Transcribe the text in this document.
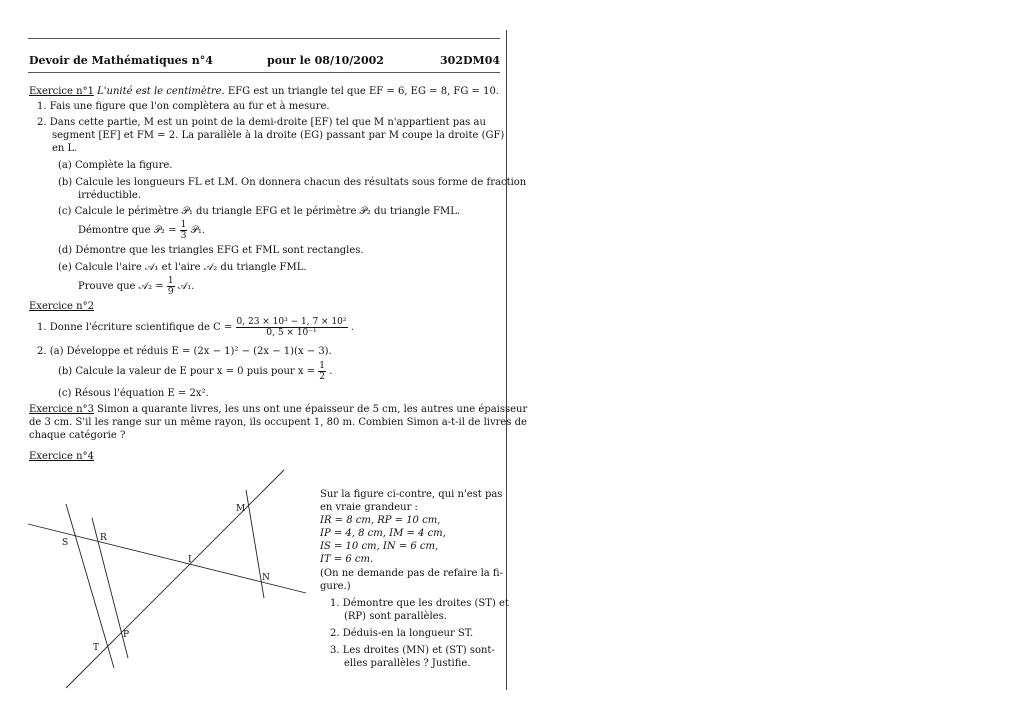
Devoir de Mathématiques n°4	pour le 08/10/2002	302DM04
Exercice n°1 L'unité est le centimètre. EFG est un triangle tel que EF = 6, EG = 8, FG = 10.
1. Fais une figure que l'on complètera au fur et à mesure.
2. Dans cette partie, M est un point de la demi-droite [EF) tel que M n'appartient pas au
segment [EF] et FM = 2. La parallèle à la droite (EG) passant par M coupe la droite (GF)
en L.
(a) Complète la figure.
(b) Calcule les longueurs FL et LM. On donnera chacun des résultats sous forme de fraction
irréductible.
(c) Calcule le périmètre 𝒫₁ du triangle EFG et le périmètre 𝒫₂ du triangle FML.
Démontre que 𝒫₂ = $\frac{1}{3}$ 𝒫₁.
(d) Démontre que les triangles EFG et FML sont rectangles.
(e) Calcule l'aire 𝒜₁ et l'aire 𝒜₂ du triangle FML.
Prouve que 𝒜₂ = $\frac{1}{9}$ 𝒜₁.
Exercice n°2
1. Donne l'écriture scientifique de $C = \frac{\text{0, 23 × 10³ − 1, 7 × 10²}}{\text{0, 5 × 10⁻¹}}$ .
2. (a) Développe et réduis E = (2x − 1)² − (2x − 1)(x − 3).
(b) Calcule la valeur de E pour x = 0 puis pour $x = \frac{1}{2}$ .
(c) Résous l'équation E = 2x².
Exercice n°3 Simon a quarante livres, les uns ont une épaisseur de 5 cm, les autres une épaisseur
de 3 cm. S'il les range sur un même rayon, ils occupent 1, 80 m. Combien Simon a-t-il de livres de
chaque catégorie ?
Exercice n°4
Sur la figure ci-contre, qui n'est pas
en vraie grandeur :
IR = 8 cm, RP = 10 cm,
IP = 4, 8 cm, IM = 4 cm,
IS = 10 cm, IN = 6 cm,
IT = 6 cm.
(On ne demande pas de refaire la fi-
gure.)
1. Démontre que les droites (ST) et
(RP) sont parallèles.
2. Déduis-en la longueur ST.
3. Les droites (MN) et (ST) sont-
elles parallèles ? Justifie.
S	R
M
I
N
T
P
